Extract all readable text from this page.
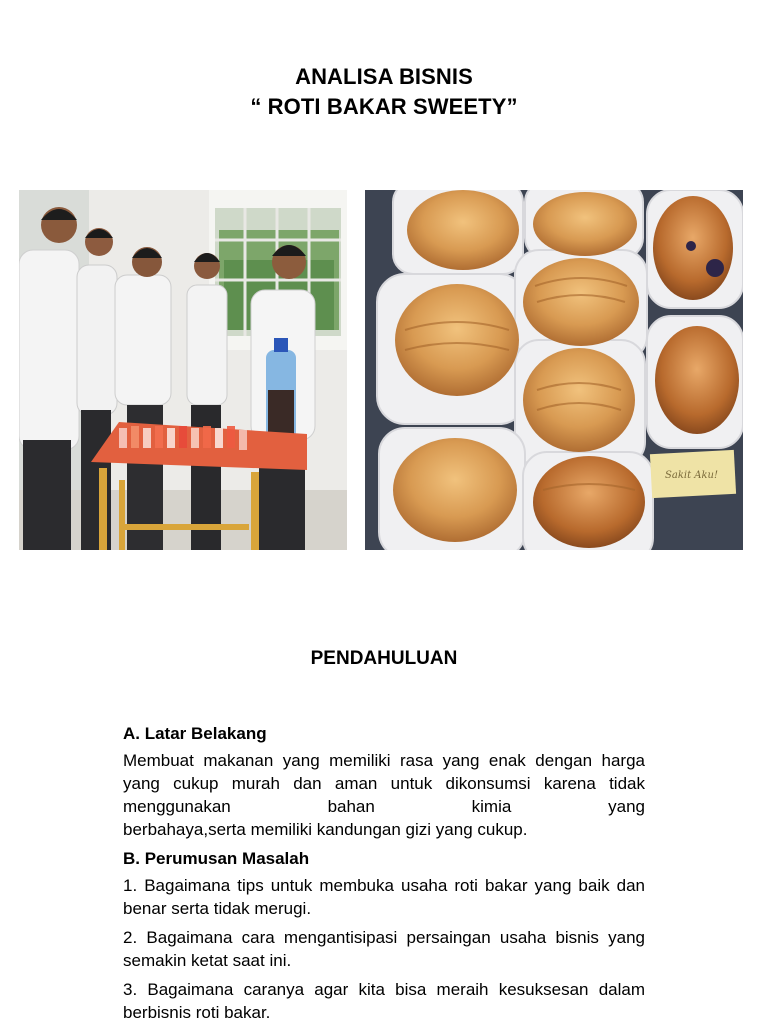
ANALISA BISNIS
“ ROTI BAKAR SWEETY”
Sakit Aku!
PENDAHULUAN
A. Latar Belakang
Membuat makanan yang memiliki rasa yang enak dengan harga yang cukup murah dan aman untuk dikonsumsi karena tidak menggunakan bahan kimia yang
berbahaya,serta memiliki kandungan gizi yang cukup.
B. Perumusan Masalah
1. Bagaimana tips untuk membuka usaha roti bakar yang baik dan benar serta tidak merugi.
2. Bagaimana cara mengantisipasi persaingan usaha bisnis yang semakin ketat saat ini.
3. Bagaimana caranya agar kita bisa meraih kesuksesan dalam berbisnis roti bakar.
